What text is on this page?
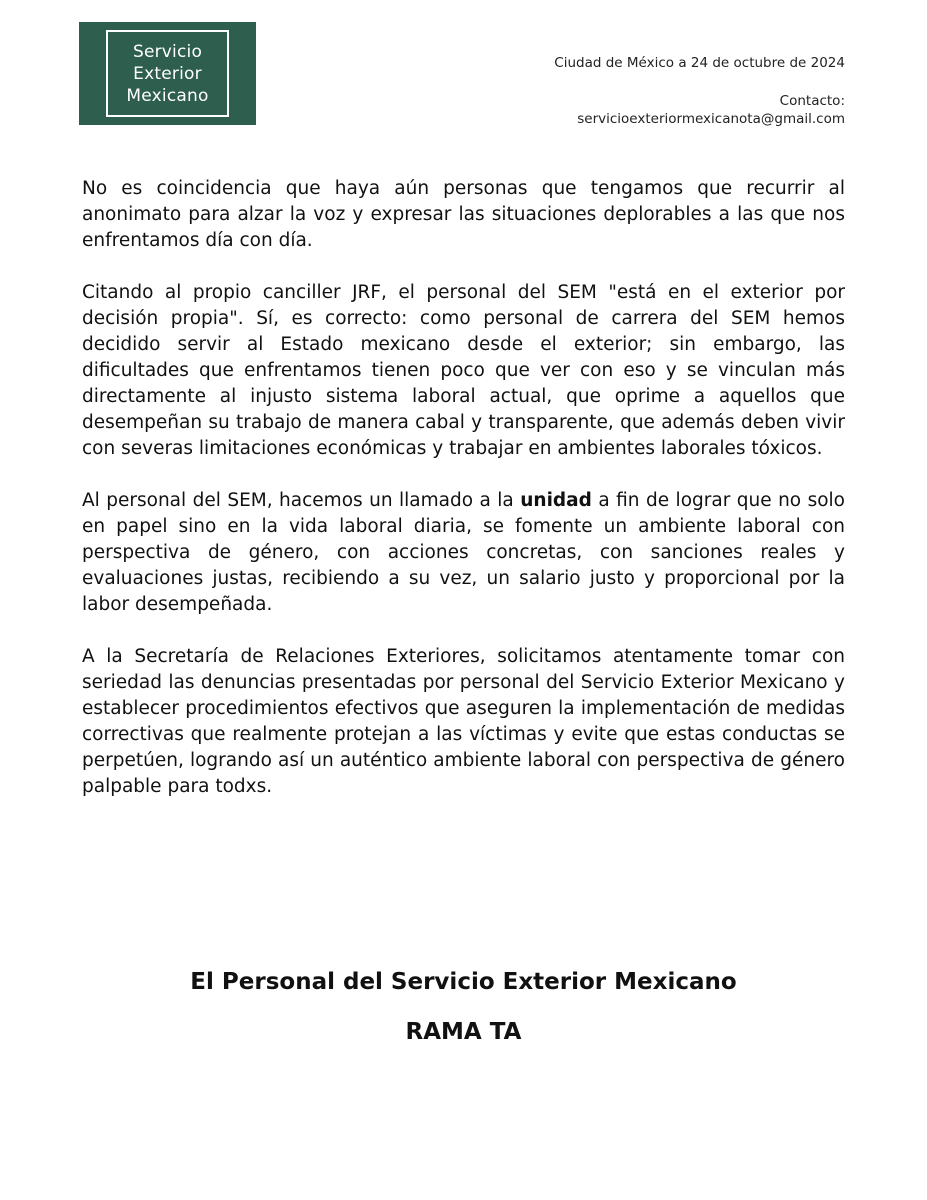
Servicio
Exterior
Mexicano
Ciudad de México a 24 de octubre de 2024
Contacto:
servicioexteriormexicanota@gmail.com

No es coincidencia que haya aún personas que tengamos que recurrir al anonimato para alzar la voz y expresar las situaciones deplorables a las que nos enfrentamos día con día.

Citando al propio canciller JRF, el personal del SEM "está en el exterior por decisión propia". Sí, es correcto: como personal de carrera del SEM hemos decidido servir al Estado mexicano desde el exterior; sin embargo, las dificultades que enfrentamos tienen poco que ver con eso y se vinculan más directamente al injusto sistema laboral actual, que oprime a aquellos que desempeñan su trabajo de manera cabal y transparente, que además deben vivir con severas limitaciones económicas y trabajar en ambientes laborales tóxicos.

Al personal del SEM, hacemos un llamado a la unidad a fin de lograr que no solo en papel sino en la vida laboral diaria, se fomente un ambiente laboral con perspectiva de género, con acciones concretas, con sanciones reales y evaluaciones justas, recibiendo a su vez, un salario justo y proporcional por la labor desempeñada.

A la Secretaría de Relaciones Exteriores, solicitamos atentamente tomar con seriedad las denuncias presentadas por personal del Servicio Exterior Mexicano y establecer procedimientos efectivos que aseguren la implementación de medidas correctivas que realmente protejan a las víctimas y evite que estas conductas se perpetúen, logrando así un auténtico ambiente laboral con perspectiva de género palpable para todxs.

El Personal del Servicio Exterior Mexicano
RAMA TA
